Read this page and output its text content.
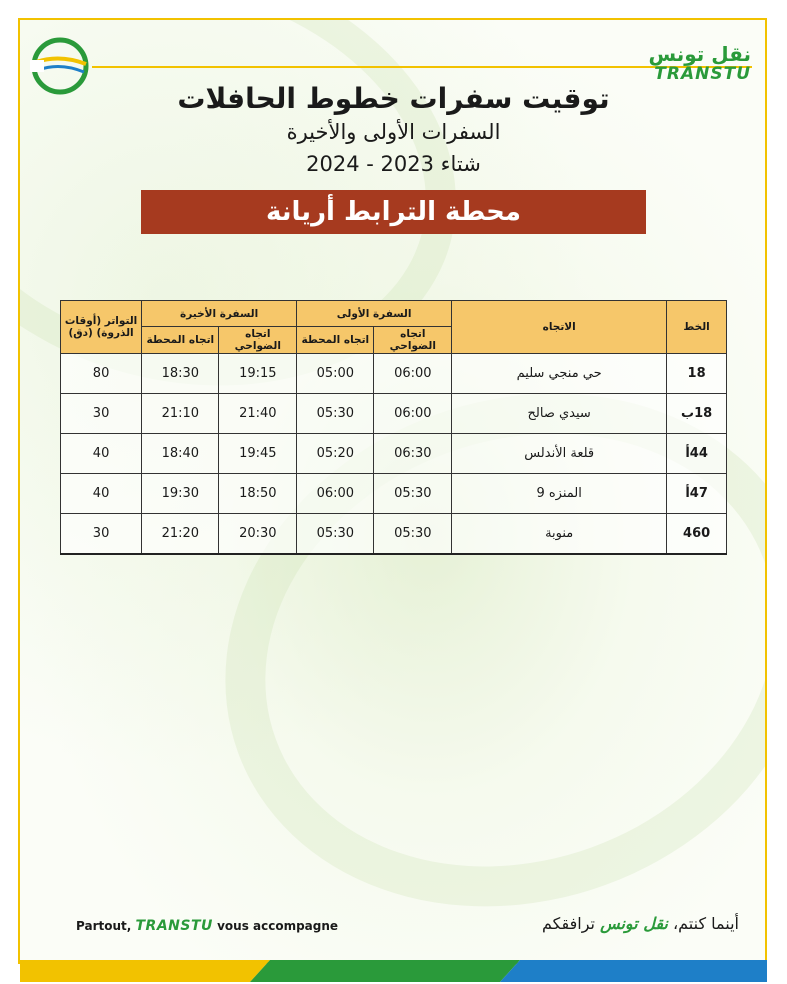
نقل تونس
TRANSTU
توقيت سفرات خطوط الحافلات
السفرات الأولى والأخيرة
شتاء 2023 - 2024
محطة الترابط أريانة
الخط	الاتجاه	السفرة الأولى		السفرة الأخيرة		التواتر (أوقات الذروة) (دق)
		اتجاه الضواحي	اتجاه المحطة	اتجاه الضواحي	اتجاه المحطة	
18	حي منجي سليم	06:00	05:00	19:15	18:30	80
18ب	سيدي صالح	06:00	05:30	21:40	21:10	30
44أ	قلعة الأندلس	06:30	05:20	19:45	18:40	40
47أ	المنزه 9	05:30	06:00	18:50	19:30	40
460	منوبة	05:30	05:30	20:30	21:20	30
Partout, TRANSTU vous accompagne	أينما كنتم، نقل تونس ترافقكم
